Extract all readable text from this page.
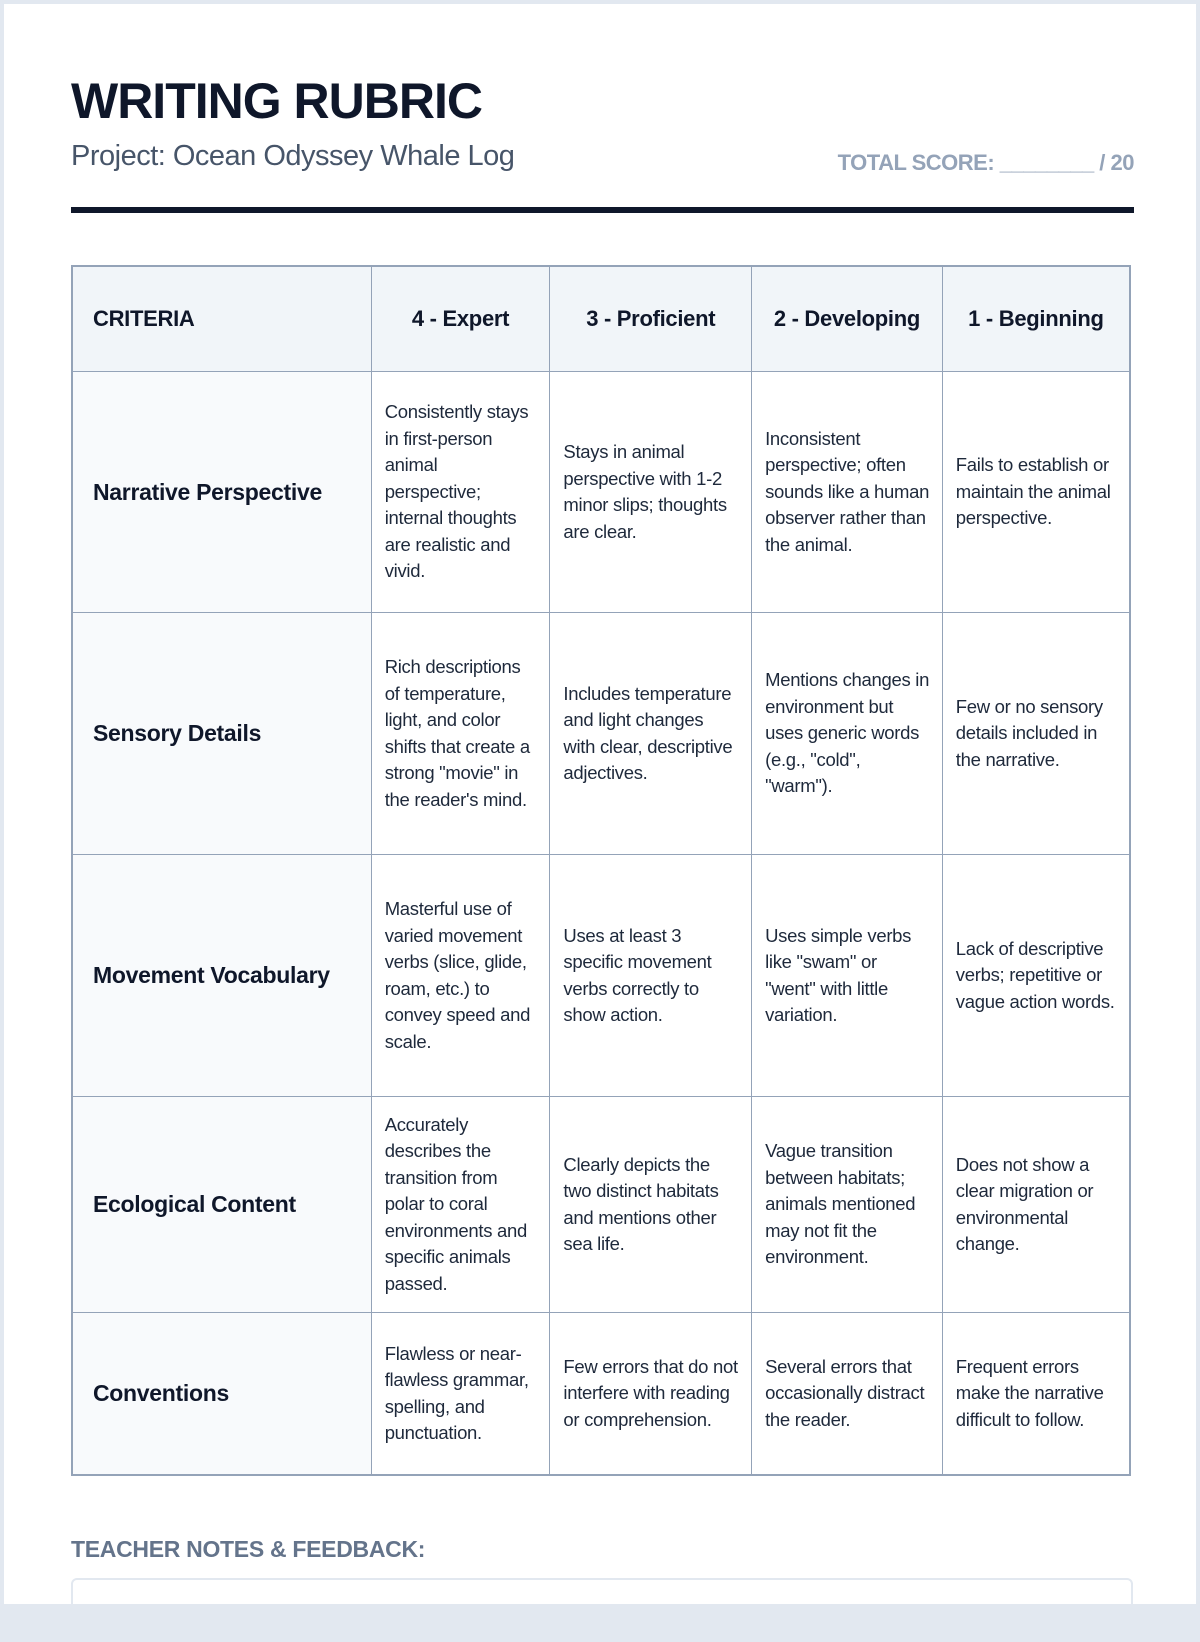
WRITING RUBRIC
Project: Ocean Odyssey Whale Log	TOTAL SCORE: ________ / 20
CRITERIA	4 - Expert	3 - Proficient	2 - Developing	1 - Beginning
Narrative Perspective	Consistently stays in first-person animal perspective; internal thoughts are realistic and vivid.	Stays in animal perspective with 1-2 minor slips; thoughts are clear.	Inconsistent perspective; often sounds like a human observer rather than the animal.	Fails to establish or maintain the animal perspective.
Sensory Details	Rich descriptions of temperature, light, and color shifts that create a strong "movie" in the reader's mind.	Includes temperature and light changes with clear, descriptive adjectives.	Mentions changes in environment but uses generic words (e.g., "cold", "warm").	Few or no sensory details included in the narrative.
Movement Vocabulary	Masterful use of varied movement verbs (slice, glide, roam, etc.) to convey speed and scale.	Uses at least 3 specific movement verbs correctly to show action.	Uses simple verbs like "swam" or "went" with little variation.	Lack of descriptive verbs; repetitive or vague action words.
Ecological Content	Accurately describes the transition from polar to coral environments and specific animals passed.	Clearly depicts the two distinct habitats and mentions other sea life.	Vague transition between habitats; animals mentioned may not fit the environment.	Does not show a clear migration or environmental change.
Conventions	Flawless or near-flawless grammar, spelling, and punctuation.	Few errors that do not interfere with reading or comprehension.	Several errors that occasionally distract the reader.	Frequent errors make the narrative difficult to follow.
TEACHER NOTES & FEEDBACK:
